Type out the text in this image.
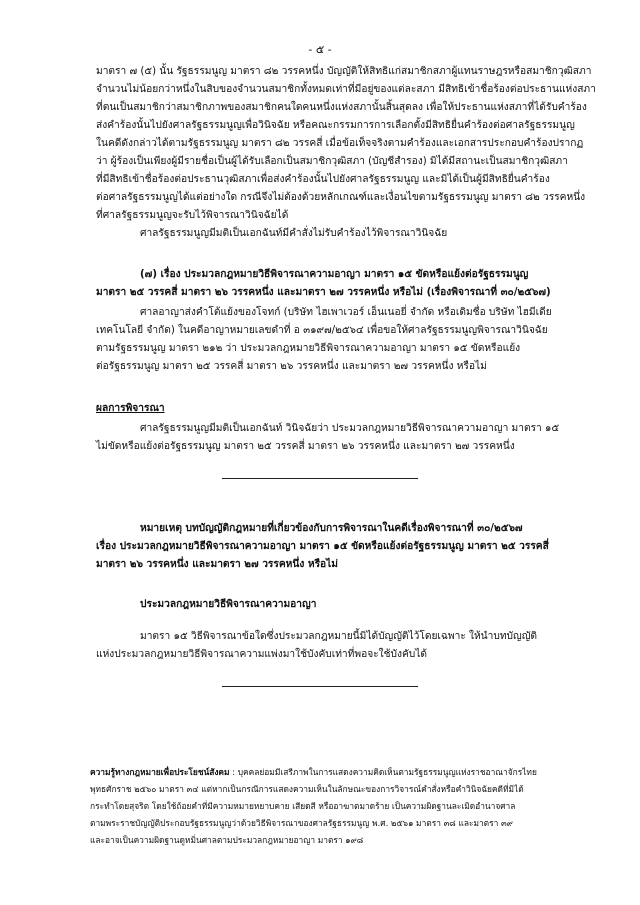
- ๕ -
มาตรา ๗ (๕) นั้น รัฐธรรมนูญ มาตรา ๘๒ วรรคหนึ่ง บัญญัติให้สิทธิแก่สมาชิกสภาผู้แทนราษฎรหรือสมาชิกวุฒิสภา
จำนวนไม่น้อยกว่าหนึ่งในสิบของจำนวนสมาชิกทั้งหมดเท่าที่มีอยู่ของแต่ละสภา มีสิทธิเข้าชื่อร้องต่อประธานแห่งสภา
ที่ตนเป็นสมาชิกว่าสมาชิกภาพของสมาชิกคนใดคนหนึ่งแห่งสภานั้นสิ้นสุดลง เพื่อให้ประธานแห่งสภาที่ได้รับคำร้อง
ส่งคำร้องนั้นไปยังศาลรัฐธรรมนูญเพื่อวินิจฉัย หรือคณะกรรมการการเลือกตั้งมีสิทธิยื่นคำร้องต่อศาลรัฐธรรมนูญ
ในคดีดังกล่าวได้ตามรัฐธรรมนูญ มาตรา ๘๒ วรรคสี่ เมื่อข้อเท็จจริงตามคำร้องและเอกสารประกอบคำร้องปรากฏ
ว่า ผู้ร้องเป็นเพียงผู้มีรายชื่อเป็นผู้ได้รับเลือกเป็นสมาชิกวุฒิสภา (บัญชีสำรอง) มิได้มีสถานะเป็นสมาชิกวุฒิสภา
ที่มีสิทธิเข้าชื่อร้องต่อประธานวุฒิสภาเพื่อส่งคำร้องนั้นไปยังศาลรัฐธรรมนูญ และมิได้เป็นผู้มีสิทธิยื่นคำร้อง
ต่อศาลรัฐธรรมนูญได้แต่อย่างใด กรณีจึงไม่ต้องด้วยหลักเกณฑ์และเงื่อนไขตามรัฐธรรมนูญ มาตรา ๘๒ วรรคหนึ่ง
ที่ศาลรัฐธรรมนูญจะรับไว้พิจารณาวินิจฉัยได้
ศาลรัฐธรรมนูญมีมติเป็นเอกฉันท์มีคำสั่งไม่รับคำร้องไว้พิจารณาวินิจฉัย
(๗) เรื่อง ประมวลกฎหมายวิธีพิจารณาความอาญา มาตรา ๑๕ ขัดหรือแย้งต่อรัฐธรรมนูญ
มาตรา ๒๕ วรรคสี่ มาตรา ๒๖ วรรคหนึ่ง และมาตรา ๒๗ วรรคหนึ่ง หรือไม่ (เรื่องพิจารณาที่ ๓๐/๒๕๖๗)
ศาลอาญาส่งคำโต้แย้งของโจทก์ (บริษัท ไฮเพาเวอร์ เอ็นเนอยี่ จำกัด หรือเดิมชื่อ บริษัท ไฮมีเดีย
เทคโนโลยี จำกัด) ในคดีอาญาหมายเลขดำที่ อ ๓๑๙๗/๒๕๖๔ เพื่อขอให้ศาลรัฐธรรมนูญพิจารณาวินิจฉัย
ตามรัฐธรรมนูญ มาตรา ๒๑๒ ว่า ประมวลกฎหมายวิธีพิจารณาความอาญา มาตรา ๑๕ ขัดหรือแย้ง
ต่อรัฐธรรมนูญ มาตรา ๒๕ วรรคสี่ มาตรา ๒๖ วรรคหนึ่ง และมาตรา ๒๗ วรรคหนึ่ง หรือไม่
ผลการพิจารณา
ศาลรัฐธรรมนูญมีมติเป็นเอกฉันท์ วินิจฉัยว่า ประมวลกฎหมายวิธีพิจารณาความอาญา มาตรา ๑๕
ไม่ขัดหรือแย้งต่อรัฐธรรมนูญ มาตรา ๒๕ วรรคสี่ มาตรา ๒๖ วรรคหนึ่ง และมาตรา ๒๗ วรรคหนึ่ง
หมายเหตุ บทบัญญัติกฎหมายที่เกี่ยวข้องกับการพิจารณาในคดีเรื่องพิจารณาที่ ๓๐/๒๕๖๗
เรื่อง ประมวลกฎหมายวิธีพิจารณาความอาญา มาตรา ๑๕ ขัดหรือแย้งต่อรัฐธรรมนูญ มาตรา ๒๕ วรรคสี่
มาตรา ๒๖ วรรคหนึ่ง และมาตรา ๒๗ วรรคหนึ่ง หรือไม่
ประมวลกฎหมายวิธีพิจารณาความอาญา
มาตรา ๑๕ วิธีพิจารณาข้อใดซึ่งประมวลกฎหมายนี้มิได้บัญญัติไว้โดยเฉพาะ ให้นำบทบัญญัติ
แห่งประมวลกฎหมายวิธีพิจารณาความแพ่งมาใช้บังคับเท่าที่พอจะใช้บังคับได้
ความรู้ทางกฎหมายเพื่อประโยชน์สังคม : บุคคลย่อมมีเสรีภาพในการแสดงความคิดเห็นตามรัฐธรรมนูญแห่งราชอาณาจักรไทย
พุทธศักราช ๒๕๖๐ มาตรา ๓๔ แต่หากเป็นกรณีการแสดงความเห็นในลักษณะของการวิจารณ์คำสั่งหรือคำวินิจฉัยคดีที่มิได้
กระทำโดยสุจริต โดยใช้ถ้อยคำที่มีความหมายหยาบคาย เสียดสี หรืออาฆาตมาดร้าย เป็นความผิดฐานละเมิดอำนาจศาล
ตามพระราชบัญญัติประกอบรัฐธรรมนูญว่าด้วยวิธีพิจารณาของศาลรัฐธรรมนูญ พ.ศ. ๒๕๖๑ มาตรา ๓๘ และมาตรา ๓๙
และอาจเป็นความผิดฐานดูหมิ่นศาลตามประมวลกฎหมายอาญา มาตรา ๑๙๘
